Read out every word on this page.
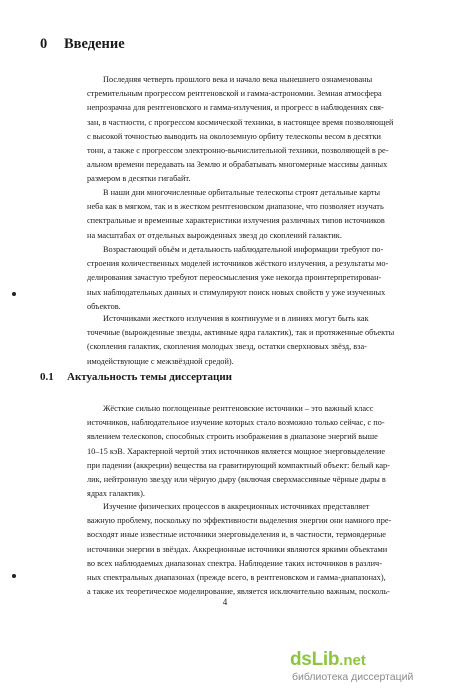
0 Введение
Последняя четверть прошлого века и начало века нынешнего ознаменованы
стремительным прогрессом рентгеновской и гамма-астрономии. Земная атмосфера
непрозрачна для рентгеновского и гамма-излучения, и прогресс в наблюдениях свя-
зан, в частности, с прогрессом космической техники, в настоящее время позволяющей
с высокой точностью выводить на околоземную орбиту телескопы весом в десятки
тонн, а также с прогрессом электронно-вычислительной техники, позволяющей в ре-
альном времени передавать на Землю и обрабатывать многомерные массивы данных
размером в десятки гигабайт.
В наши дни многочисленные орбитальные телескопы строят детальные карты
неба как в мягком, так и в жестком рентгеновском диапазоне, что позволяет изучать
спектральные и временные характеристики излучения различных типов источников
на масштабах от отдельных вырожденных звезд до скоплений галактик.
Возрастающий объём и детальность наблюдательной информации требуют по-
строения количественных моделей источников жёсткого излучения, а результаты мо-
делирования зачастую требуют переосмысления уже некогда проинтерпретирован-
ных наблюдательных данных и стимулируют поиск новых свойств у уже изученных
объектов.
Источниками жесткого излучения в континууме и в линиях могут быть как
точечные (вырожденные звезды, активные ядра галактик), так и протяженные объекты
(скопления галактик, скопления молодых звезд, остатки сверхновых звёзд, вза-
имодействующие с межзвёздной средой).
0.1 Актуальность темы диссертации
Жёсткие сильно поглощенные рентгеновские источники – это важный класс
источников, наблюдательное изучение которых стало возможно только сейчас, с по-
явлением телескопов, способных строить изображения в диапазоне энергий выше
10–15 кэВ. Характерной чертой этих источников является мощное энерговыделение
при падении (аккреции) вещества на гравитирующий компактный объект: белый кар-
лик, нейтронную звезду или чёрную дыру (включая сверхмассивные чёрные дыры в
ядрах галактик).
Изучение физических процессов в аккреционных источниках представляет
важную проблему, поскольку по эффективности выделения энергии они намного пре-
восходят иные известные источники энерговыделения и, в частности, термоядерные
источники энергии в звёздах. Аккреционные источники являются яркими объектами
во всех наблюдаемых диапазонах спектра. Наблюдение таких источников в различ-
ных спектральных диапазонах (прежде всего, в рентгеновском и гамма-диапазонах),
а также их теоретическое моделирование, является исключительно важным, посколь-
4
dsLib.net
библиотека диссертаций
